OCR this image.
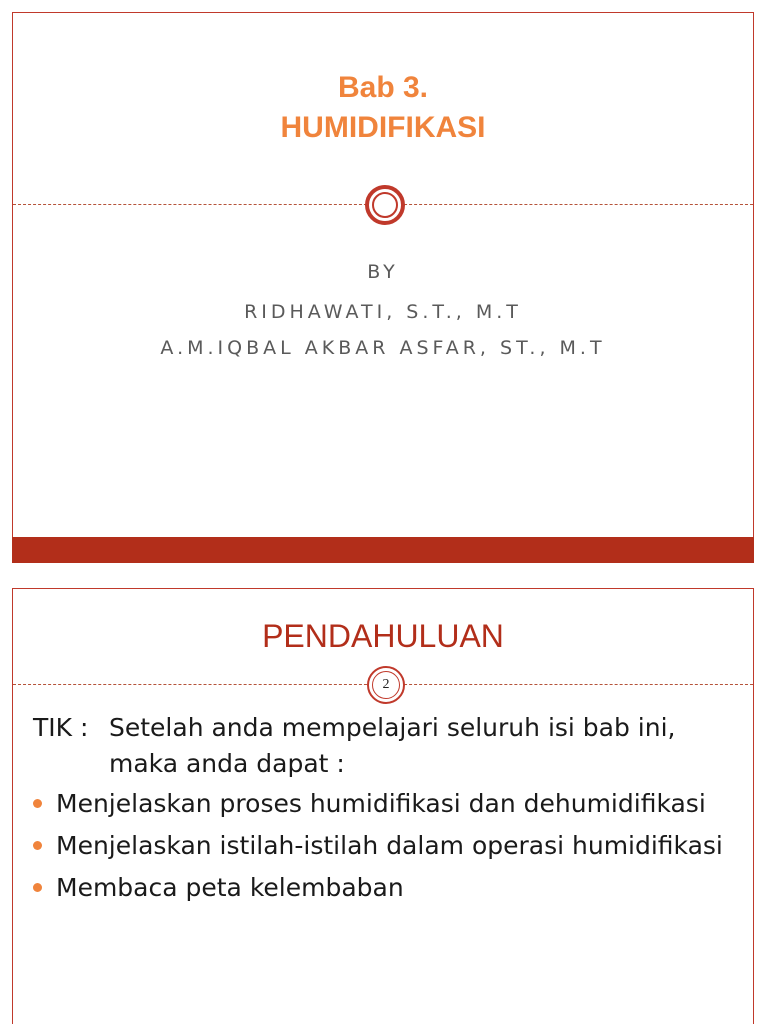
Bab 3.
HUMIDIFIKASI
BY
RIDHAWATI, S.T., M.T
A.M.IQBAL AKBAR ASFAR, ST., M.T
PENDAHULUAN
2
TIK : Setelah anda mempelajari seluruh isi bab ini,
maka anda dapat :
Menjelaskan proses humidifikasi dan dehumidifikasi
Menjelaskan istilah-istilah dalam operasi humidifikasi
Membaca peta kelembaban
